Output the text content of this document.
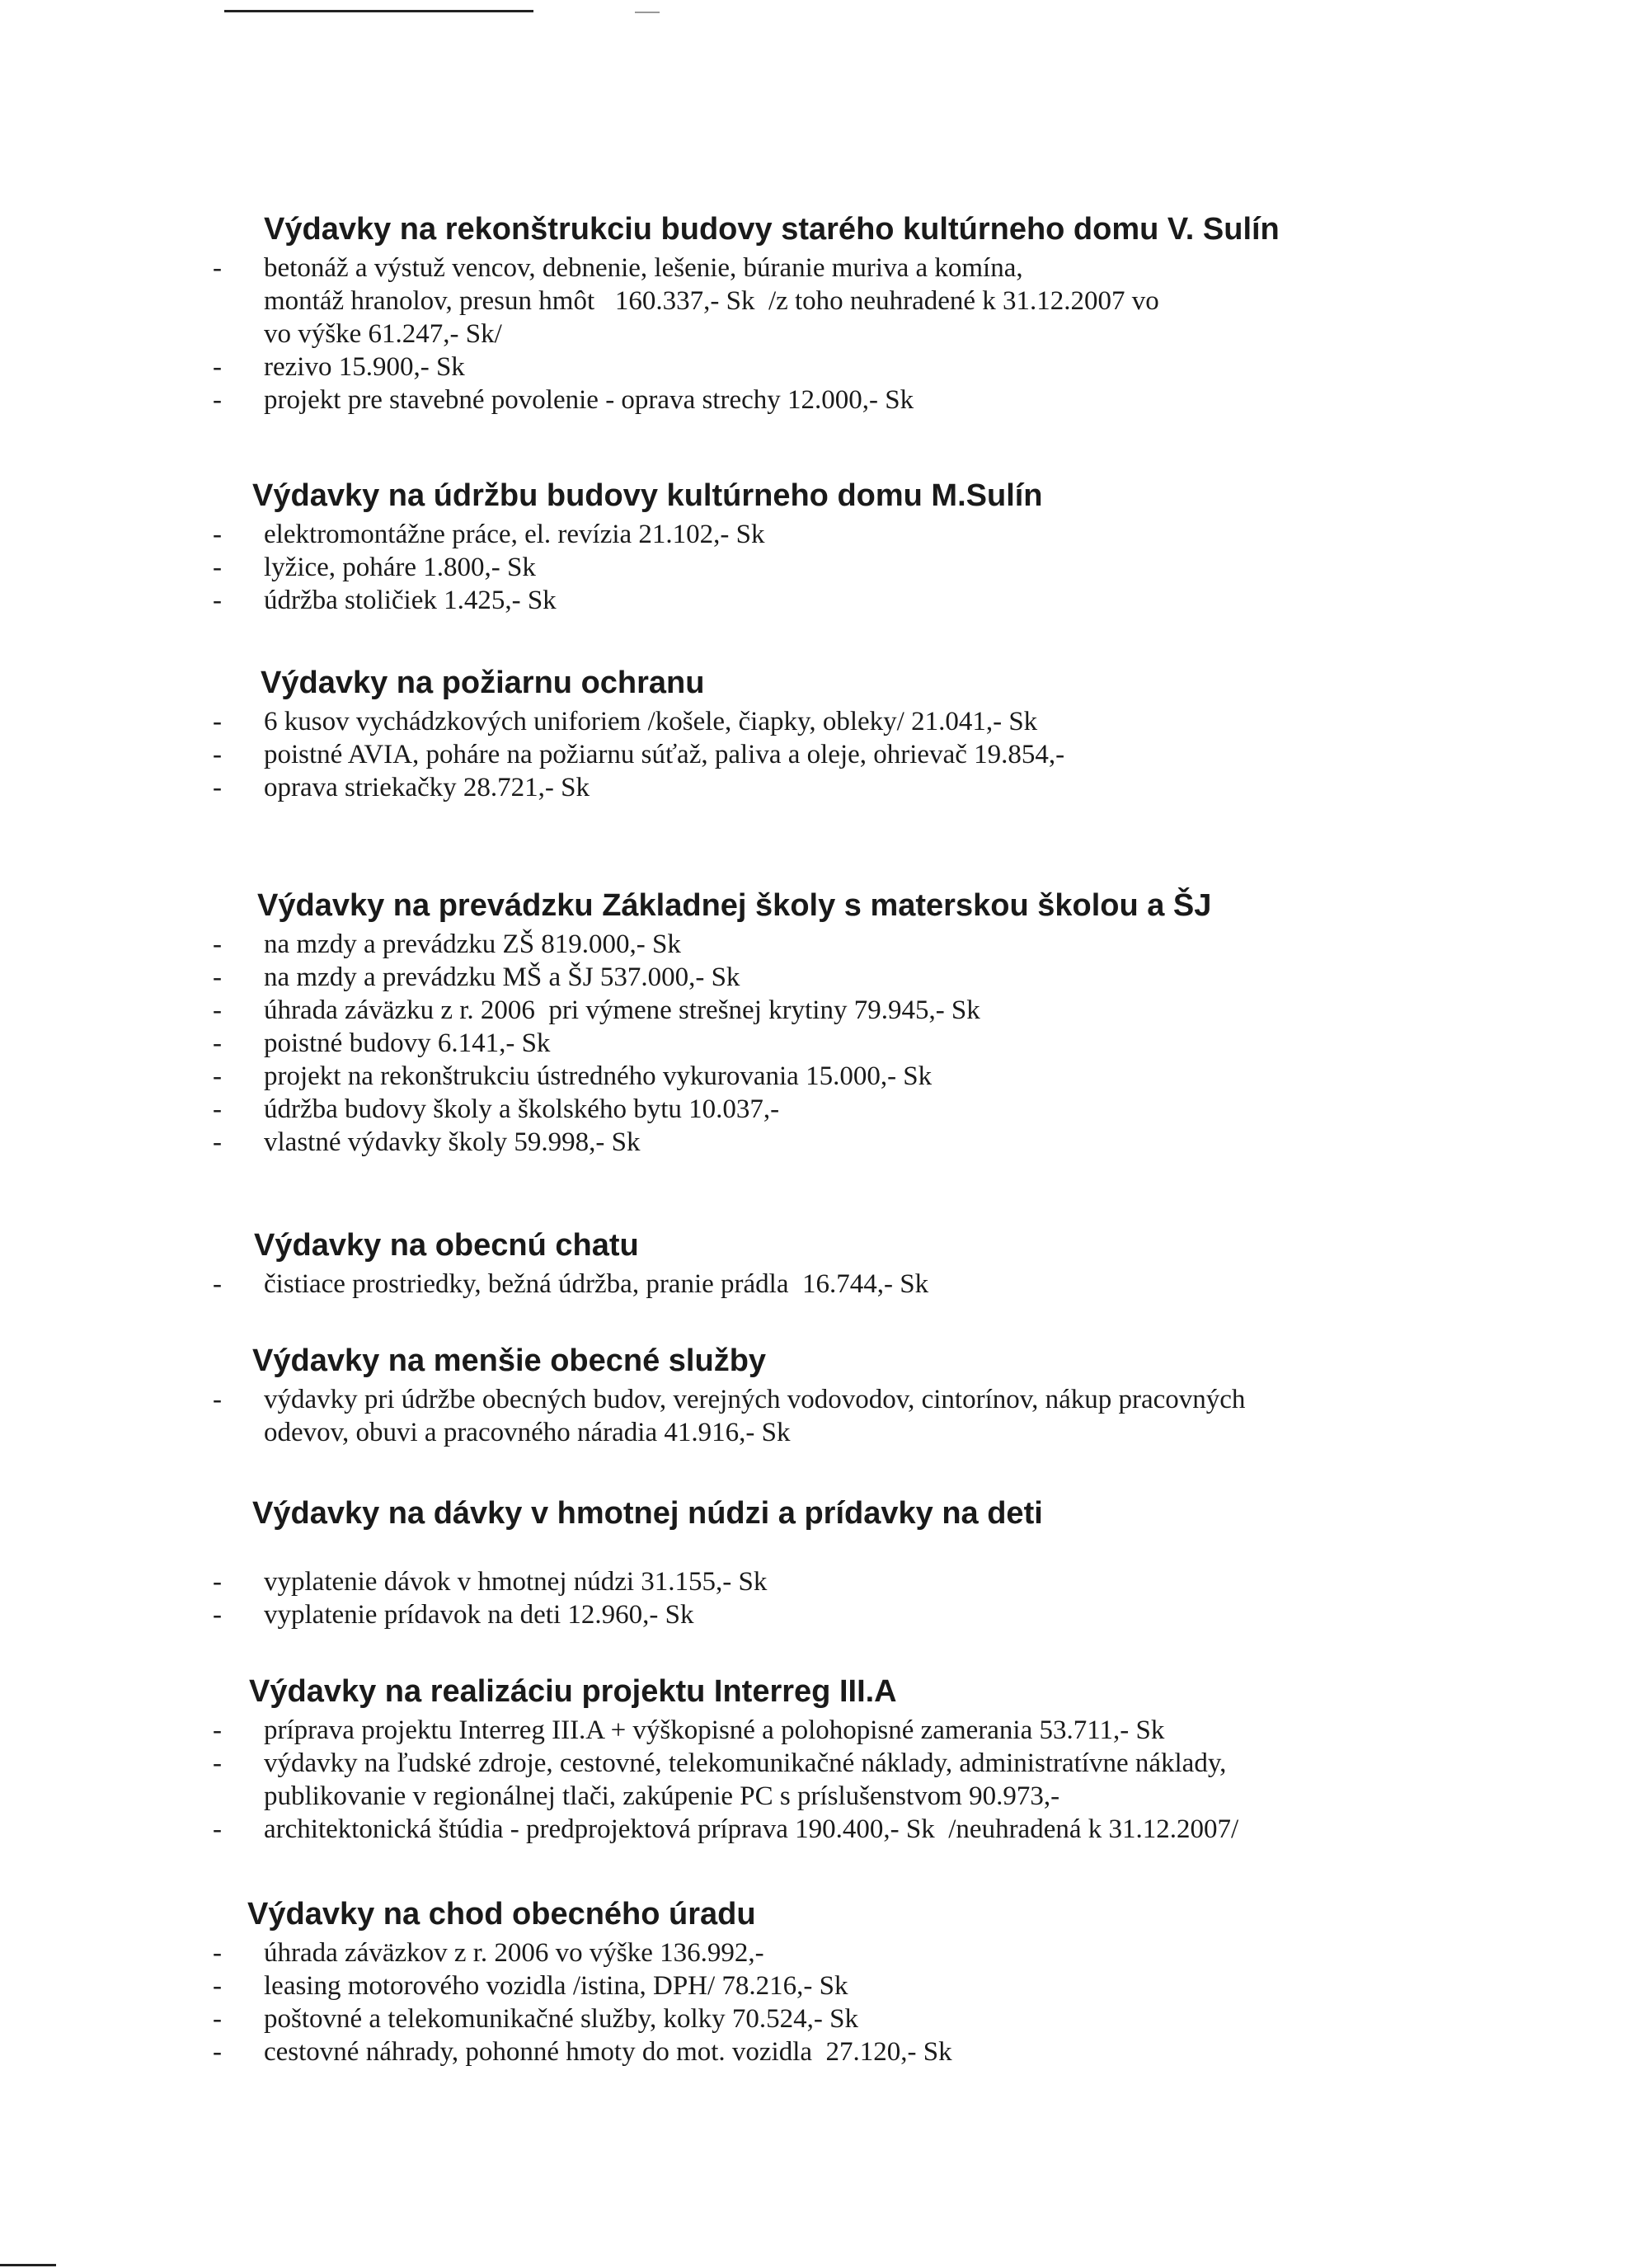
Výdavky na rekonštrukciu budovy starého kultúrneho domu V. Sulín
- betonáž a výstuž vencov, debnenie, lešenie, búranie muriva a komína,
montáž hranolov, presun hmôt   160.337,- Sk  /z toho neuhradené k 31.12.2007 vo
vo výške 61.247,- Sk/
- rezivo 15.900,- Sk
- projekt pre stavebné povolenie - oprava strechy 12.000,- Sk
Výdavky na údržbu budovy kultúrneho domu M.Sulín
- elektromontážne práce, el. revízia 21.102,- Sk
- lyžice, poháre 1.800,- Sk
- údržba stoličiek 1.425,- Sk
Výdavky na požiarnu ochranu
- 6 kusov vychádzkových uniforiem /košele, čiapky, obleky/ 21.041,- Sk
- poistné AVIA, poháre na požiarnu súťaž, paliva a oleje, ohrievač 19.854,-
- oprava striekačky 28.721,- Sk
Výdavky na prevádzku Základnej školy s materskou školou a ŠJ
- na mzdy a prevádzku ZŠ 819.000,- Sk
- na mzdy a prevádzku MŠ a ŠJ 537.000,- Sk
- úhrada záväzku z r. 2006  pri výmene strešnej krytiny 79.945,- Sk
- poistné budovy 6.141,- Sk
- projekt na rekonštrukciu ústredného vykurovania 15.000,- Sk
- údržba budovy školy a školského bytu 10.037,-
- vlastné výdavky školy 59.998,- Sk
Výdavky na obecnú chatu
- čistiace prostriedky, bežná údržba, pranie prádla  16.744,- Sk
Výdavky na menšie obecné služby
- výdavky pri údržbe obecných budov, verejných vodovodov, cintorínov, nákup pracovných
odevov, obuvi a pracovného náradia 41.916,- Sk
Výdavky na dávky v hmotnej núdzi a prídavky na deti
- vyplatenie dávok v hmotnej núdzi 31.155,- Sk
- vyplatenie prídavok na deti 12.960,- Sk
Výdavky na realizáciu projektu Interreg III.A
- príprava projektu Interreg III.A + výškopisné a polohopisné zamerania 53.711,- Sk
- výdavky na ľudské zdroje, cestovné, telekomunikačné náklady, administratívne náklady,
publikovanie v regionálnej tlači, zakúpenie PC s príslušenstvom 90.973,-
- architektonická štúdia - predprojektová príprava 190.400,- Sk  /neuhradená k 31.12.2007/
Výdavky na chod obecného úradu
- úhrada záväzkov z r. 2006 vo výške 136.992,-
- leasing motorového vozidla /istina, DPH/ 78.216,- Sk
- poštovné a telekomunikačné služby, kolky 70.524,- Sk
- cestovné náhrady, pohonné hmoty do mot. vozidla  27.120,- Sk
